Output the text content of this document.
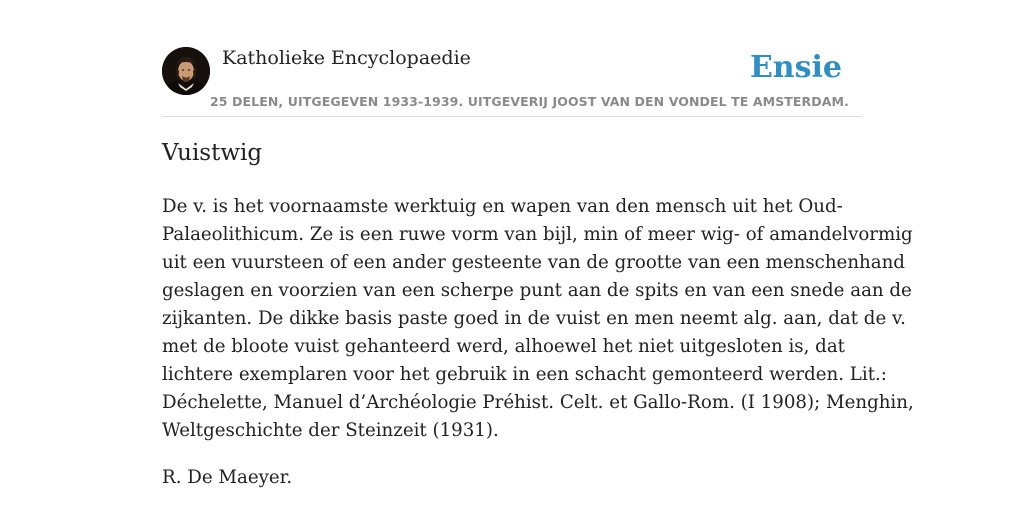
Katholieke Encyclopaedie
25 DELEN, UITGEGEVEN 1933-1939. UITGEVERIJ JOOST VAN DEN VONDEL TE AMSTERDAM.
Ensie
Vuistwig

De v. is het voornaamste werktuig en wapen van den mensch uit het Oud-

Palaeolithicum. Ze is een ruwe vorm van bijl, min of meer wig- of amandelvormig

uit een vuursteen of een ander gesteente van de grootte van een menschenhand

geslagen en voorzien van een scherpe punt aan de spits en van een snede aan de

zijkanten. De dikke basis paste goed in de vuist en men neemt alg. aan, dat de v.

met de bloote vuist gehanteerd werd, alhoewel het niet uitgesloten is, dat

lichtere exemplaren voor het gebruik in een schacht gemonteerd werden. Lit.:

Déchelette, Manuel d’Archéologie Préhist. Celt. et Gallo-Rom. (I 1908); Menghin,

Weltgeschichte der Steinzeit (1931).

R. De Maeyer.
